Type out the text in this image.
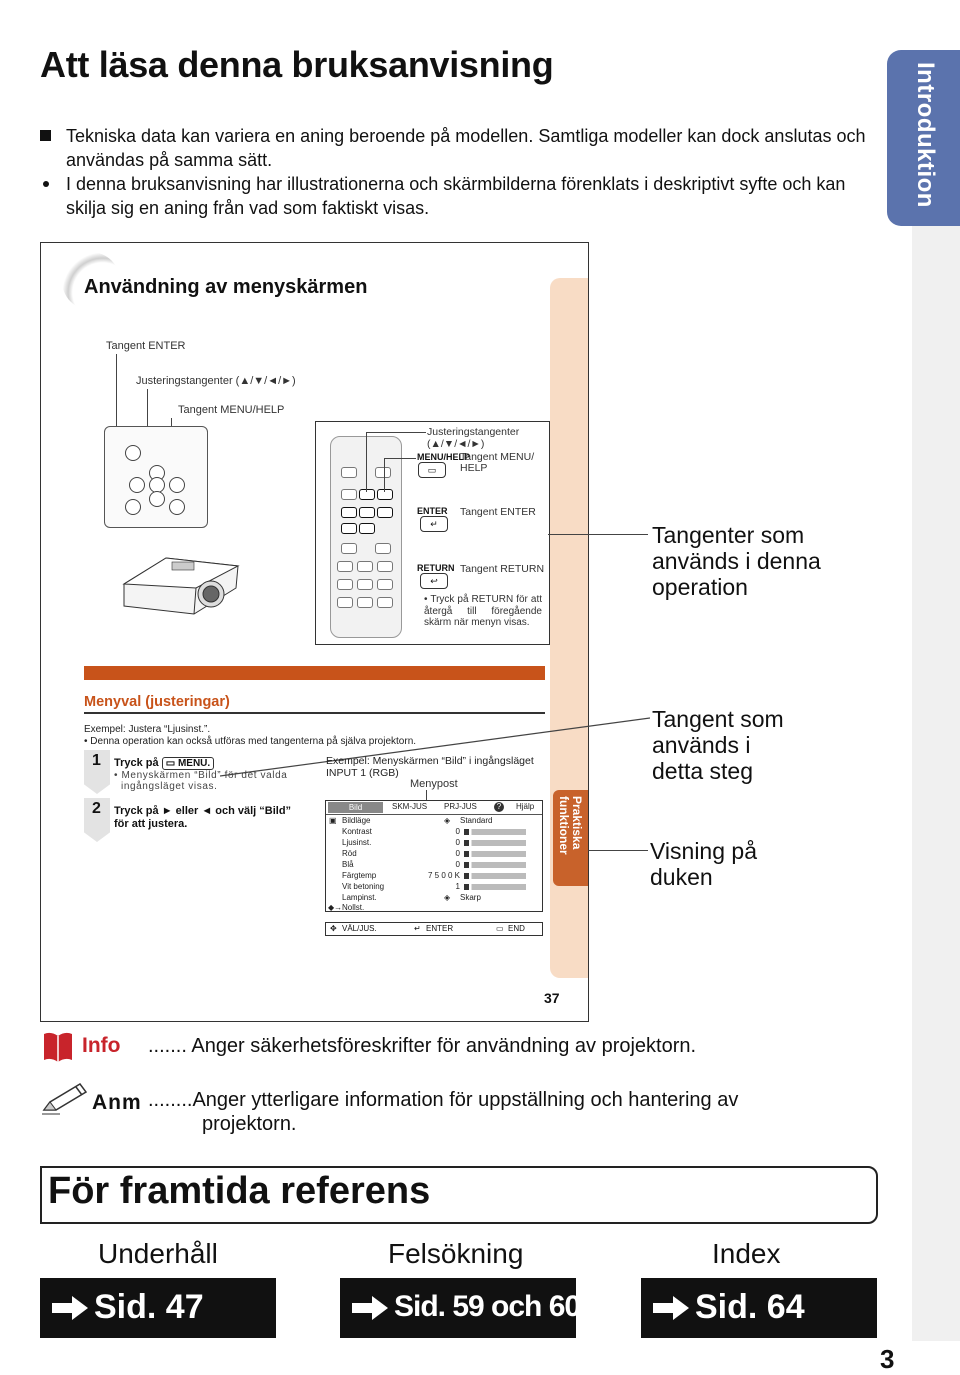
Att läsa denna bruksanvisning	Introduktion
Tekniska data kan variera en aning beroende på modellen. Samtliga modeller kan dock anslutas och användas på samma sätt.
I denna bruksanvisning har illustrationerna och skärmbilderna förenklats i deskriptivt syfte och kan skilja sig en aning från vad som faktiskt visas.
Användning av menyskärmen
Tangent ENTER
Justeringstangenter (▲/▼/◄/►)
Tangent MENU/HELP
Justeringstangenter
(▲/▼/◄/►)
MENU/HELP
▭
Tangent MENU/
HELP
ENTER
↵
Tangent ENTER
RETURN
↩
Tangent RETURN
• Tryck på RETURN för att återgå till föregående skärm när menyn visas.
Tangenter som
används i denna
operation
Tangent som
används i
detta steg
Visning på
duken
Menyval (justeringar)
Exempel: Justera “Ljusinst.”.
• Denna operation kan också utföras med tangenterna på själva projektorn.
1	Tryck på ▭ MENU.
• Menyskärmen “Bild” för det valda
ingångsläget visas.
2	Tryck på ► eller ◄ och välj “Bild”
för att justera.
Exempel: Menyskärmen “Bild” i ingångsläget
INPUT 1 (RGB)
Menypost
Bild	SKM-JUS PRJ-JUS	?	Hjälp
▣ Bildläge	◈ Standard
Kontrast	0
Ljusinst.	0
Röd	0
Blå	0
Färgtemp	7 5 0 0 K
Vit betoning	1
Lampinst.	◈ Skarp
◆→ Nollst.
✥ VÄL/JUS.	↵ ENTER	▭ END
Praktiska funktioner
37
Info ....... Anger säkerhetsföreskrifter för användning av projektorn.
Anm ........Anger ytterligare information för uppställning och hantering av
projektorn.
För framtida referens
Underhåll	Felsökning	Index
Sid. 47	Sid. 59 och 60	Sid. 64
3
